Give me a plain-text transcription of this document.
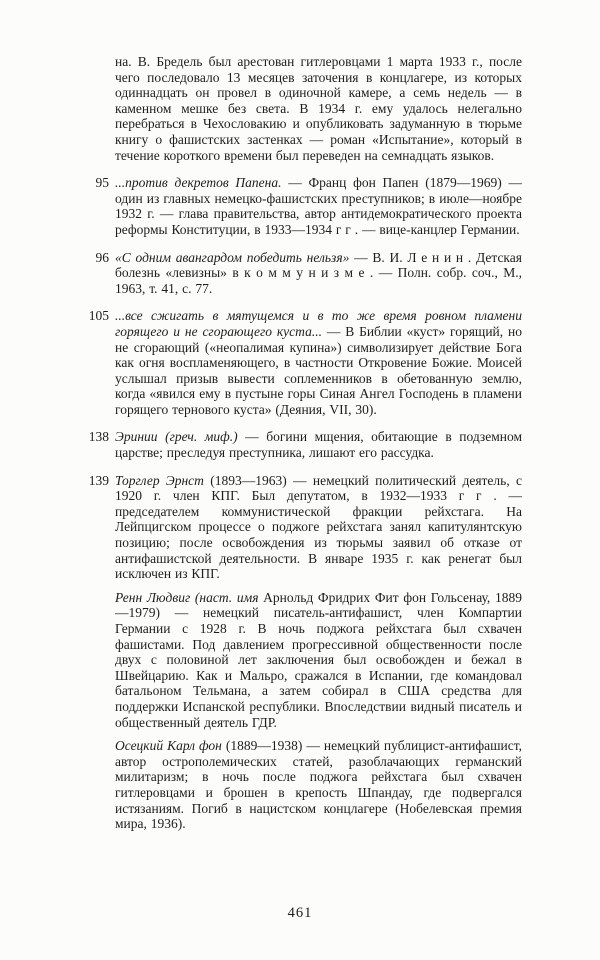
на. В. Бредель был арестован гитлеровцами 1 марта 1933 г., после чего последовало 13 месяцев заточения в концлагере, из которых одиннадцать он провел в одиночной камере, а семь недель — в каменном мешке без света. В 1934 г. ему удалось нелегально перебраться в Чехословакию и опубликовать задуманную в тюрьме книгу о фашистских застенках — роман «Испытание», который в течение короткого времени был переведен на семнадцать языков.

95 ...против декретов Папена. — Франц фон Папен (1879—1969) — один из главных немецко-фашистских преступников; в июле—ноябре 1932 г. — глава правительства, автор антидемократического проекта реформы Конституции, в 1933—1934 г г . — вице-канцлер Германии.

96 «С одним авангардом победить нельзя» — В. И. Л е н и н . Детская болезнь «левизны» в к о м м у н и з м е . — Полн. собр. соч., М., 1963, т. 41, с. 77.

105 ...все сжигать в мятущемся и в то же время ровном пламени горящего и не сгорающего куста... — В Библии «куст» горящий, но не сгорающий («неопалимая купина») символизирует действие Бога как огня воспламеняющего, в частности Откровение Божие. Моисей услышал призыв вывести соплеменников в обетованную землю, когда «явился ему в пустыне горы Синая Ангел Господень в пламени горящего тернового куста» (Деяния, VII, 30).

138 Эринии (греч. миф.) — богини мщения, обитающие в подземном царстве; преследуя преступника, лишают его рассудка.

139 Торглер Эрнст (1893—1963) — немецкий политический деятель, с 1920 г. член КПГ. Был депутатом, в 1932—1933 г г . — председателем коммунистической фракции рейхстага. На Лейпцигском процессе о поджоге рейхстага занял капитулянтскую позицию; после освобождения из тюрьмы заявил об отказе от антифашистской деятельности. В январе 1935 г. как ренегат был исключен из КПГ.

Ренн Людвиг (наст. имя Арнольд Фридрих Фит фон Гольсенау, 1889—1979) — немецкий писатель-антифашист, член Компартии Германии с 1928 г. В ночь поджога рейхстага был схвачен фашистами. Под давлением прогрессивной общественности после двух с половиной лет заключения был освобожден и бежал в Швейцарию. Как и Мальро, сражался в Испании, где командовал батальоном Тельмана, а затем собирал в США средства для поддержки Испанской республики. Впоследствии видный писатель и общественный деятель ГДР.

Осецкий Карл фон (1889—1938) — немецкий публицист-антифашист, автор острополемических статей, разоблачающих германский милитаризм; в ночь после поджога рейхстага был схвачен гитлеровцами и брошен в крепость Шпандау, где подвергался истязаниям. Погиб в нацистском концлагере (Нобелевская премия мира, 1936).

461
